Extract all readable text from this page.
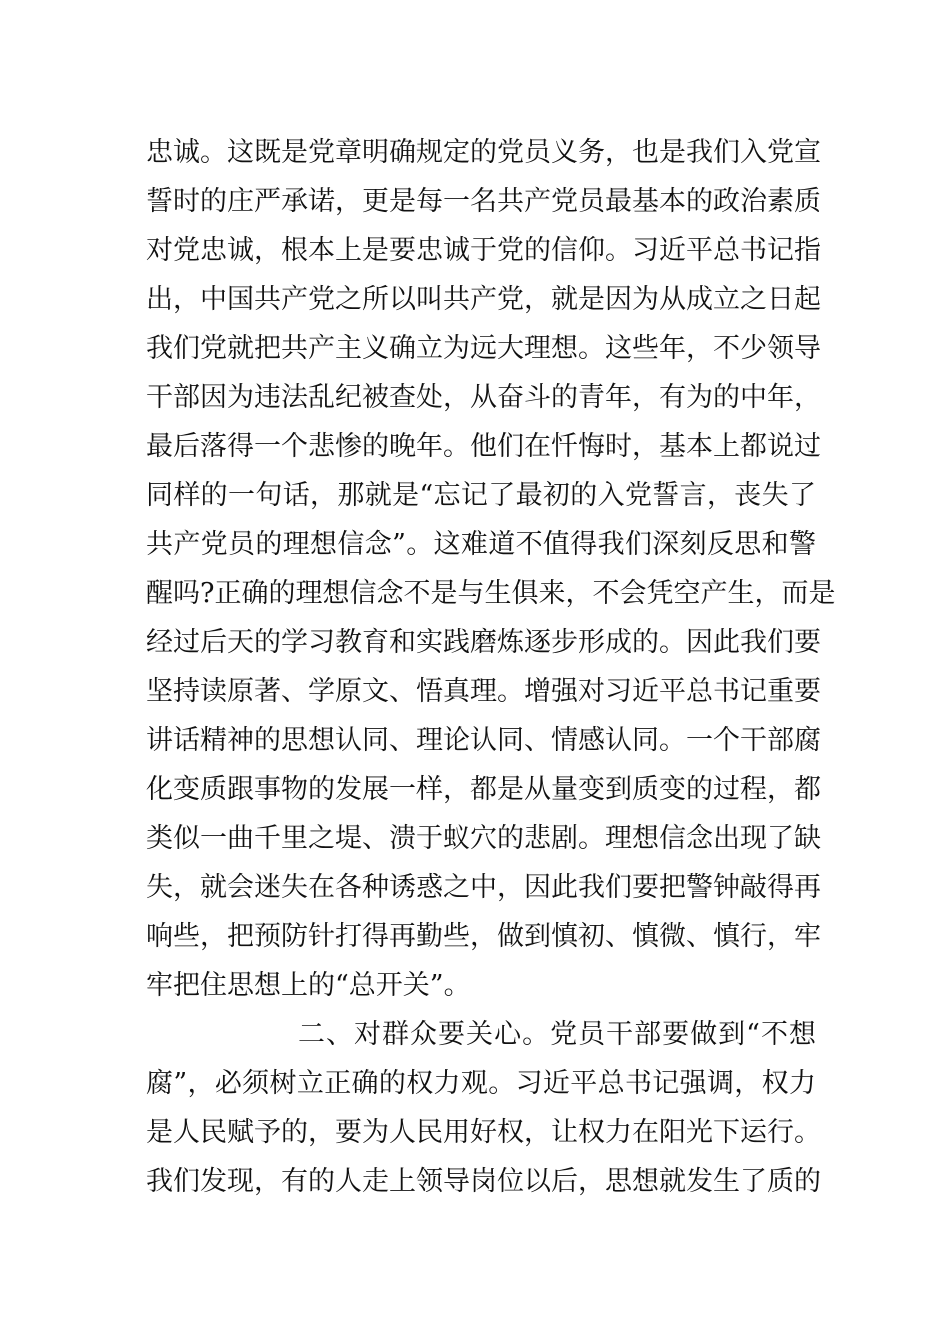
忠诚。这既是党章明确规定的党员义务，也是我们入党宣
誓时的庄严承诺，更是每一名共产党员最基本的政治素质
对党忠诚，根本上是要忠诚于党的信仰。习近平总书记指
出，中国共产党之所以叫共产党，就是因为从成立之日起
我们党就把共产主义确立为远大理想。这些年，不少领导
干部因为违法乱纪被查处，从奋斗的青年，有为的中年，
最后落得一个悲惨的晚年。他们在忏悔时，基本上都说过
同样的一句话，那就是“忘记了最初的入党誓言，丧失了
共产党员的理想信念”。这难道不值得我们深刻反思和警
醒吗?正确的理想信念不是与生俱来，不会凭空产生，而是
经过后天的学习教育和实践磨炼逐步形成的。因此我们要
坚持读原著、学原文、悟真理。增强对习近平总书记重要
讲话精神的思想认同、理论认同、情感认同。一个干部腐
化变质跟事物的发展一样，都是从量变到质变的过程，都
类似一曲千里之堤、溃于蚁穴的悲剧。理想信念出现了缺
失，就会迷失在各种诱惑之中，因此我们要把警钟敲得再
响些，把预防针打得再勤些，做到慎初、慎微、慎行，牢
牢把住思想上的“总开关”。
二、对群众要关心。党员干部要做到“不想
腐”，必须树立正确的权力观。习近平总书记强调，权力
是人民赋予的，要为人民用好权，让权力在阳光下运行。
我们发现，有的人走上领导岗位以后，思想就发生了质的
